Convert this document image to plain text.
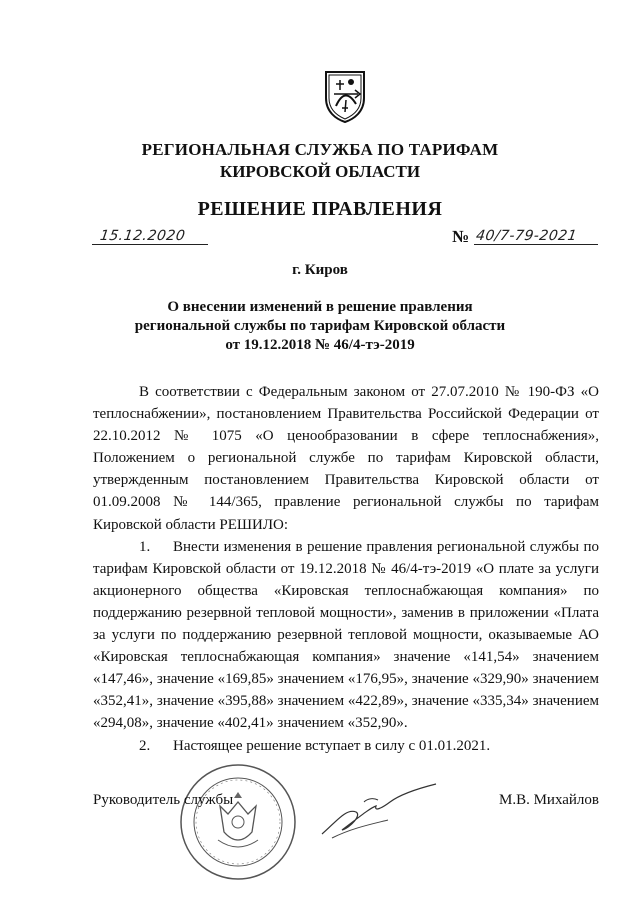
РЕГИОНАЛЬНАЯ СЛУЖБА ПО ТАРИФАМ
КИРОВСКОЙ ОБЛАСТИ
РЕШЕНИЕ ПРАВЛЕНИЯ
15.12.2020	№ 40/7-79-2021
г. Киров
О внесении изменений в решение правления
региональной службы по тарифам Кировской области
от 19.12.2018 № 46/4-тэ-2019

В соответствии с Федеральным законом от 27.07.2010 № 190-ФЗ «О теплоснабжении», постановлением Правительства Российской Федерации от 22.10.2012 № 1075 «О ценообразовании в сфере теплоснабжения», Положением о региональной службе по тарифам Кировской области, утвержденным постановлением Правительства Кировской области от 01.09.2008 № 144/365, правление региональной службы по тарифам Кировской области РЕШИЛО:

1. Внести изменения в решение правления региональной службы по тарифам Кировской области от 19.12.2018 № 46/4-тэ-2019 «О плате за услуги акционерного общества «Кировская теплоснабжающая компания» по поддержанию резервной тепловой мощности», заменив в приложении «Плата за услуги по поддержанию резервной тепловой мощности, оказываемые АО «Кировская теплоснабжающая компания» значение «141,54» значением «147,46», значение «169,85» значением «176,95», значение «329,90» значением «352,41», значение «395,88» значением «422,89», значение «335,34» значением «294,08», значение «402,41» значением «352,90».

2. Настоящее решение вступает в силу с 01.01.2021.

Руководитель службы	М.В. Михайлов
